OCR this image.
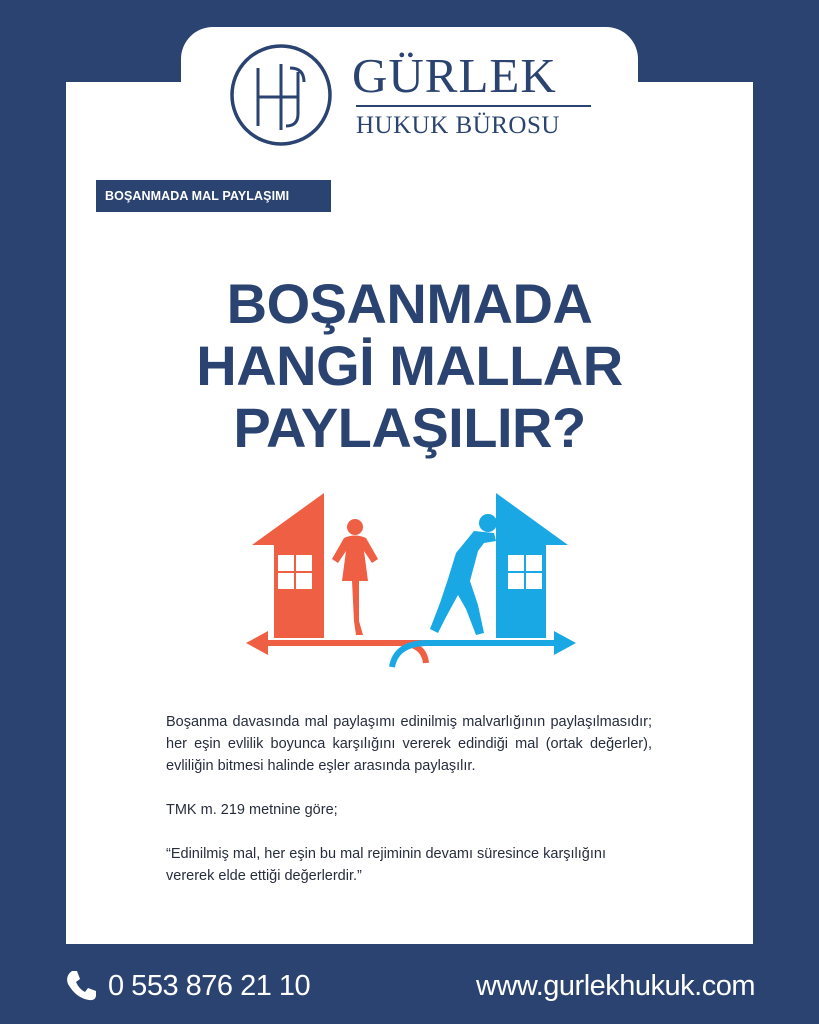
GÜRLEK
HUKUK BÜROSU
BOŞANMADA MAL PAYLAŞIMI
BOŞANMADA
HANGİ MALLAR
PAYLAŞILIR?

Boşanma davasında mal paylaşımı edinilmiş malvarlığının paylaşılmasıdır; her eşin evlilik boyunca karşılığını vererek edindiği mal (ortak değerler), evliliğin bitmesi halinde eşler arasında paylaşılır.

TMK m. 219 metnine göre;

“Edinilmiş mal, her eşin bu mal rejiminin devamı süresince karşılığını vererek elde ettiği değerlerdir.”

0 553 876 21 10	www.gurlekhukuk.com
